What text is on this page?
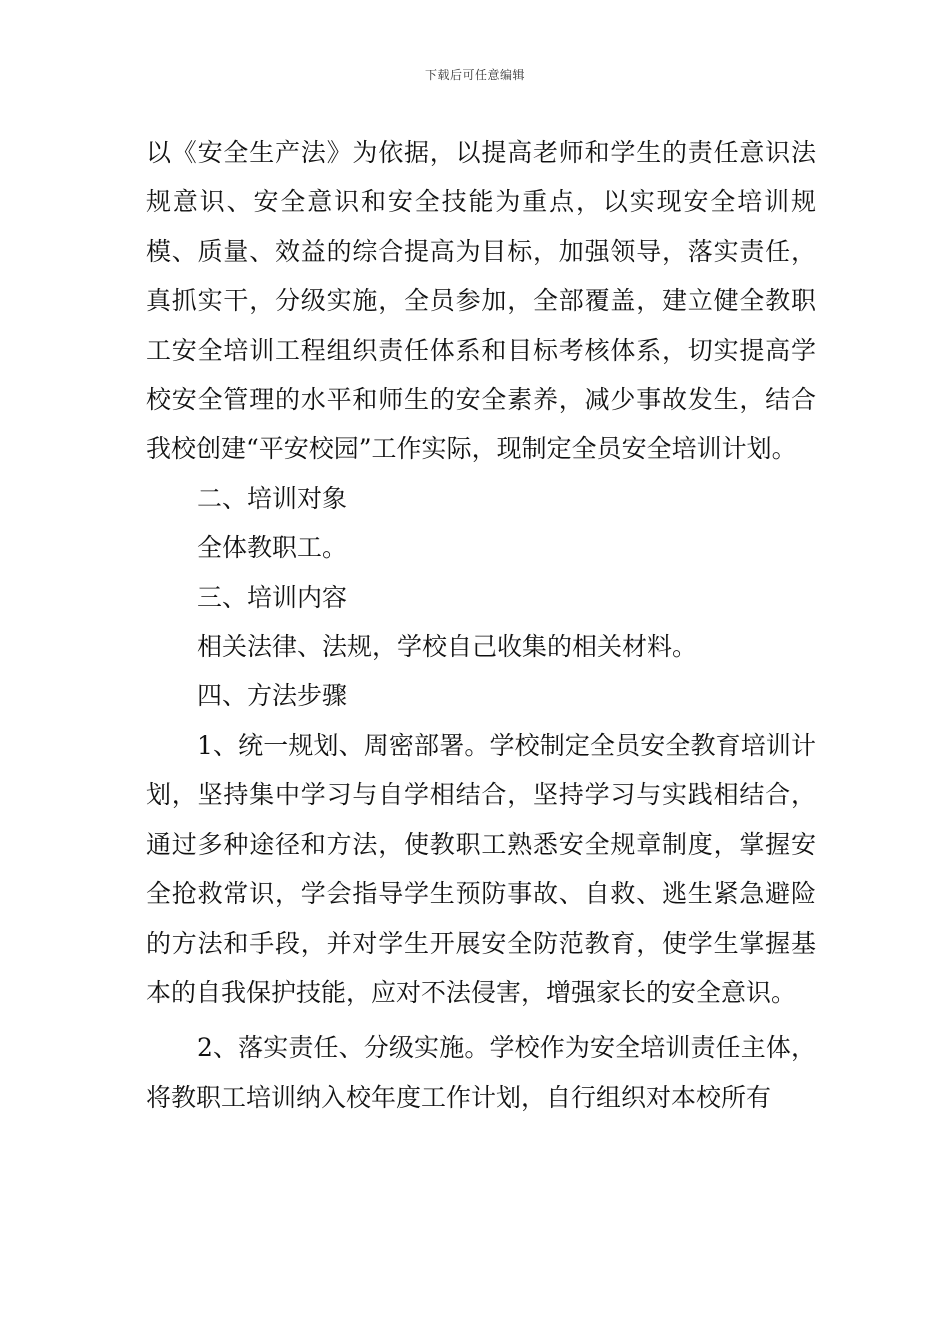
下载后可任意编辑

以《安全生产法》为依据，以提高老师和学生的责任意识法规意识、安全意识和安全技能为重点，以实现安全培训规模、质量、效益的综合提高为目标，加强领导，落实责任，真抓实干，分级实施，全员参加，全部覆盖，建立健全教职工安全培训工程组织责任体系和目标考核体系，切实提高学校安全管理的水平和师生的安全素养，减少事故发生，结合我校创建“平安校园”工作实际，现制定全员安全培训计划。

二、培训对象

全体教职工。

三、培训内容

相关法律、法规，学校自己收集的相关材料。

四、方法步骤

1、统一规划、周密部署。学校制定全员安全教育培训计划，坚持集中学习与自学相结合，坚持学习与实践相结合，通过多种途径和方法，使教职工熟悉安全规章制度，掌握安全抢救常识，学会指导学生预防事故、自救、逃生紧急避险的方法和手段，并对学生开展安全防范教育，使学生掌握基本的自我保护技能，应对不法侵害，增强家长的安全意识。

2、落实责任、分级实施。学校作为安全培训责任主体，将教职工培训纳入校年度工作计划，自行组织对本校所有
